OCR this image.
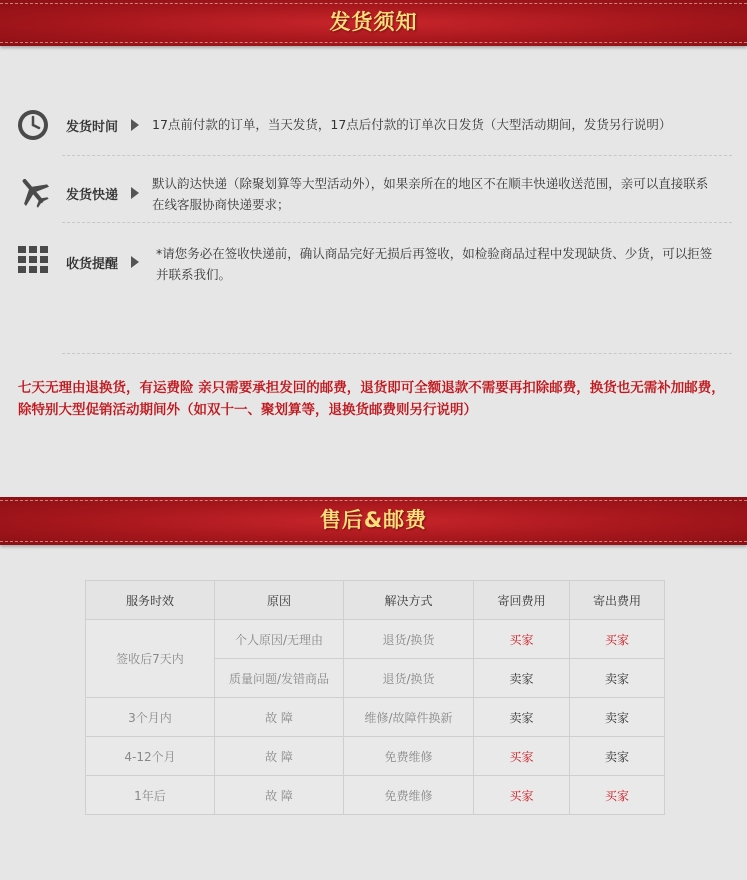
发货须知
发货时间	17点前付款的订单，当天发货，17点后付款的订单次日发货（大型活动期间，发货另行说明）
发货快递
默认韵达快递（除聚划算等大型活动外），如果亲所在的地区不在顺丰快递收送范围，亲可以直接联系在线客服协商快递要求；
收货提醒
*请您务必在签收快递前，确认商品完好无损后再签收，如检验商品过程中发现缺货、少货，可以拒签并联系我们。
七天无理由退换货，有运费险 亲只需要承担发回的邮费，退货即可全额退款不需要再扣除邮费，换货也无需补加邮费，除特别大型促销活动期间外（如双十一、聚划算等，退换货邮费则另行说明）
售后&邮费
服务时效	原因	解决方式	寄回费用	寄出费用
签收后7天内	个人原因/无理由	退货/换货	买家	买家
	质量问题/发错商品	退货/换货	卖家	卖家
3个月内	故 障	维修/故障件换新	卖家	卖家
4-12个月	故 障	免费维修	买家	卖家
1年后	故 障	免费维修	买家	买家
